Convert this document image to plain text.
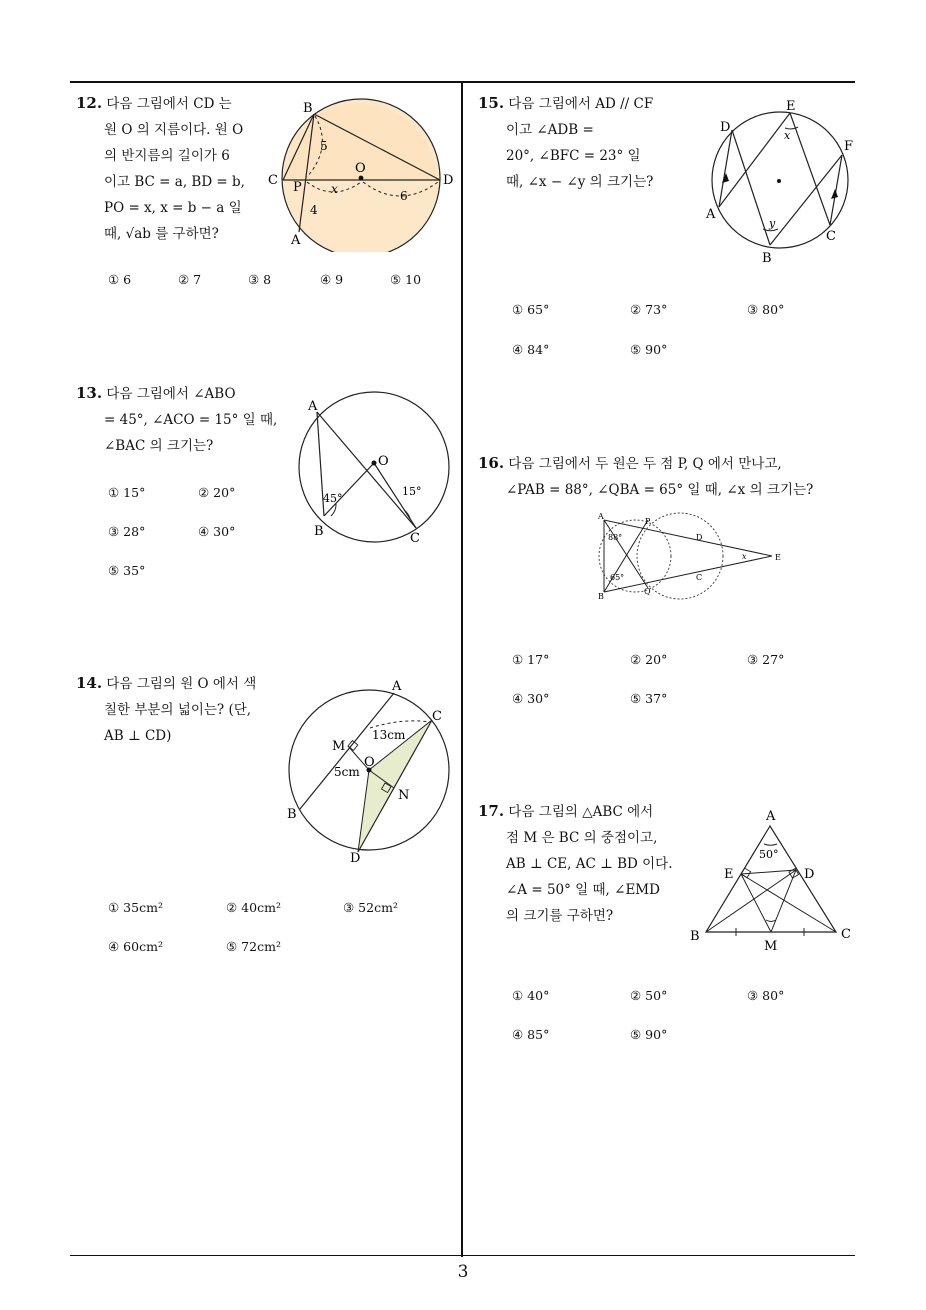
3
12. 다음 그림에서 CD 는
원 O 의 지름이다. 원 O
의 반지름의 길이가 6
이고 BC = a, BD = b,
PO = x, x = b − a 일
때, √ab 를 구하면?
B
C	D
O
P
A
5
4
x	6
① 6	② 7	③ 8	④ 9	⑤ 10
13. 다음 그림에서 ∠ABO
= 45°, ∠ACO = 15° 일 때,
∠BAC 의 크기는?
A
O
B	C
45°
15°
① 15°	② 20°
③ 28°	④ 30°
⑤ 35°
14. 다음 그림의 원 O 에서 색
칠한 부분의 넓이는? (단,
AB ⊥ CD)
A
B
C
D
M
N
O
13cm
5cm
① 35cm²	② 40cm²	③ 52cm²
④ 60cm²	⑤ 72cm²
15. 다음 그림에서 AD // CF
이고 ∠ADB =
20°, ∠BFC = 23° 일
때, ∠x − ∠y 의 크기는?
D
E
F
A
B
C
x
y
① 65°	② 73°	③ 80°
④ 84°	⑤ 90°
16. 다음 그림에서 두 원은 두 점 P, Q 에서 만나고,
∠PAB = 88°, ∠QBA = 65° 일 때, ∠x 의 크기는?
A
B
P
Q
D
C
E
88°
65°
x
① 17°	② 20°	③ 27°
④ 30°	⑤ 37°
17. 다음 그림의 △ABC 에서
점 M 은 BC 의 중점이고,
AB ⊥ CE, AC ⊥ BD 이다.
∠A = 50° 일 때, ∠EMD
의 크기를 구하면?
A
B	C
D
E
M
50°
① 40°	② 50°	③ 80°
④ 85°	⑤ 90°
